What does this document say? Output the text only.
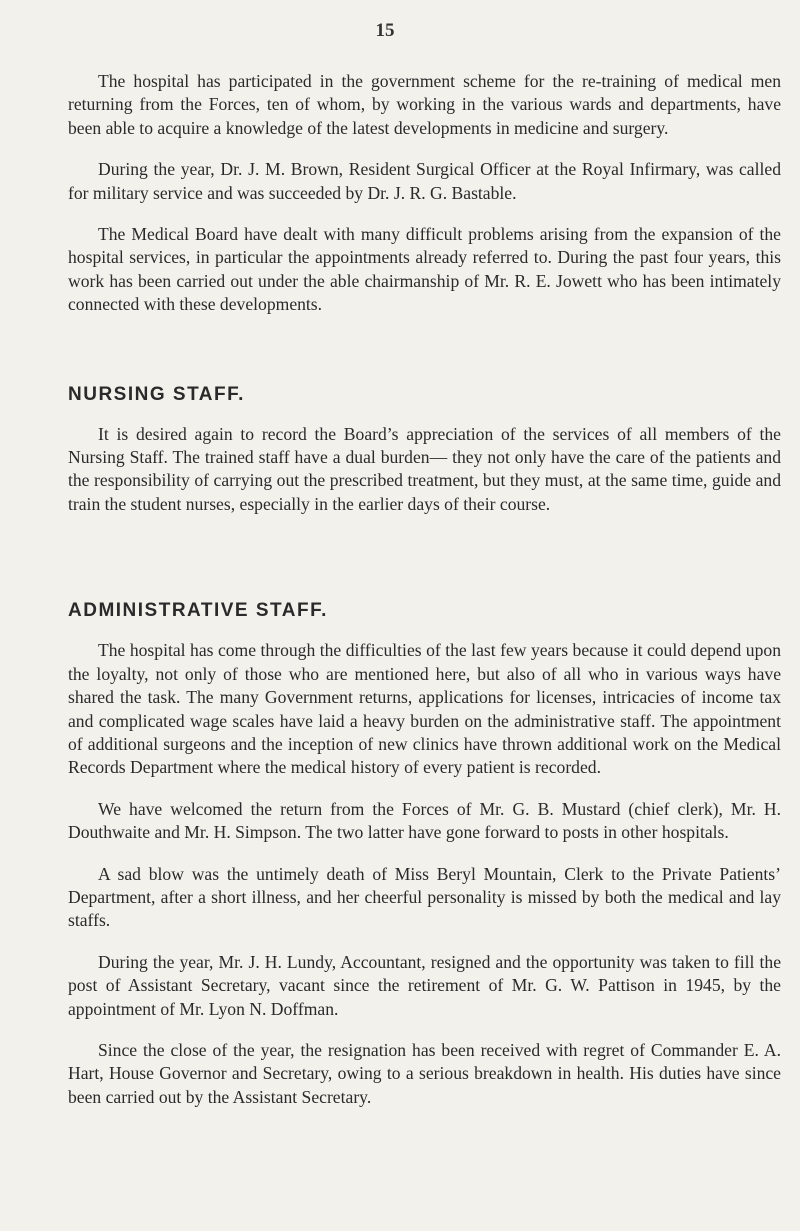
15

The hospital has participated in the government scheme for the re-training of medical men returning from the Forces, ten of whom, by working in the various wards and departments, have been able to acquire a knowledge of the latest developments in medicine and surgery.

During the year, Dr. J. M. Brown, Resident Surgical Officer at the Royal Infirmary, was called for military service and was succeeded by Dr. J. R. G. Bastable.

The Medical Board have dealt with many difficult problems arising from the expansion of the hospital services, in particular the appointments already referred to. During the past four years, this work has been carried out under the able chairmanship of Mr. R. E. Jowett who has been intimately connected with these developments.

NURSING STAFF.

It is desired again to record the Board’s appreciation of the services of all members of the Nursing Staff. The trained staff have a dual burden— they not only have the care of the patients and the responsibility of carrying out the prescribed treatment, but they must, at the same time, guide and train the student nurses, especially in the earlier days of their course.

ADMINISTRATIVE STAFF.

The hospital has come through the difficulties of the last few years because it could depend upon the loyalty, not only of those who are mentioned here, but also of all who in various ways have shared the task. The many Government returns, applications for licenses, intricacies of income tax and complicated wage scales have laid a heavy burden on the administrative staff. The appointment of additional surgeons and the inception of new clinics have thrown additional work on the Medical Records Department where the medical history of every patient is recorded.

We have welcomed the return from the Forces of Mr. G. B. Mustard (chief clerk), Mr. H. Douthwaite and Mr. H. Simpson. The two latter have gone forward to posts in other hospitals.

A sad blow was the untimely death of Miss Beryl Mountain, Clerk to the Private Patients’ Department, after a short illness, and her cheerful personality is missed by both the medical and lay staffs.

During the year, Mr. J. H. Lundy, Accountant, resigned and the opportunity was taken to fill the post of Assistant Secretary, vacant since the retirement of Mr. G. W. Pattison in 1945, by the appointment of Mr. Lyon N. Doffman.

Since the close of the year, the resignation has been received with regret of Commander E. A. Hart, House Governor and Secretary, owing to a serious breakdown in health. His duties have since been carried out by the Assistant Secretary.
